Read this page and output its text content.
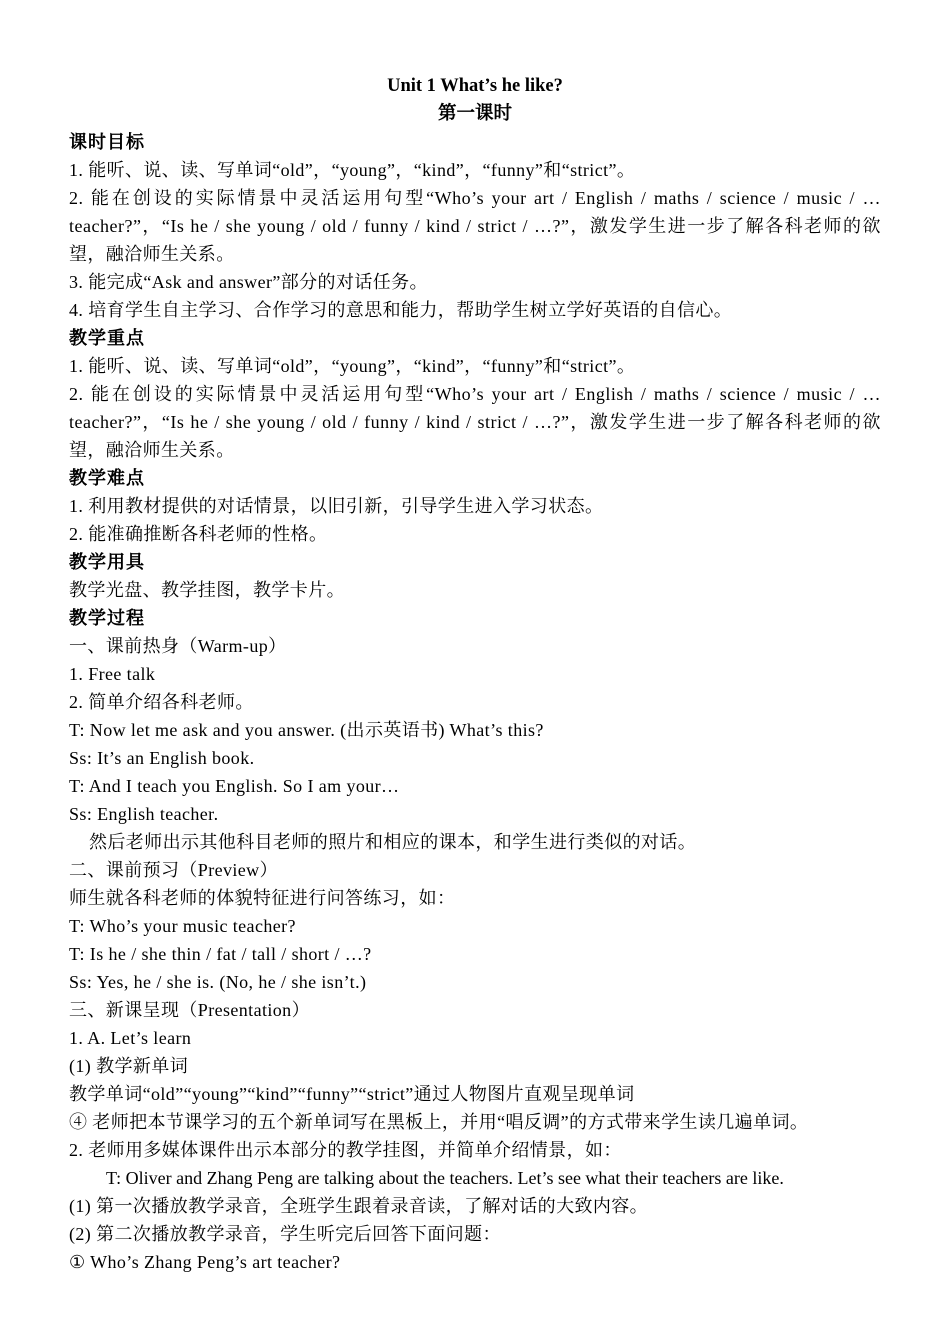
Unit 1 What’s he like?
第一课时
课时目标
1. 能听、说、读、写单词“old”，“young”，“kind”，“funny”和“strict”。
2. 能在创设的实际情景中灵活运用句型“Who’s your art / English / maths / science / music / …
teacher?”，“Is he / she young / old / funny / kind / strict / …?”，激发学生进一步了解各科老师的欲
望，融洽师生关系。
3. 能完成“Ask and answer”部分的对话任务。
4. 培育学生自主学习、合作学习的意思和能力，帮助学生树立学好英语的自信心。
教学重点
1. 能听、说、读、写单词“old”，“young”，“kind”，“funny”和“strict”。
2. 能在创设的实际情景中灵活运用句型“Who’s your art / English / maths / science / music / …
teacher?”，“Is he / she young / old / funny / kind / strict / …?”，激发学生进一步了解各科老师的欲
望，融洽师生关系。
教学难点
1. 利用教材提供的对话情景，以旧引新，引导学生进入学习状态。
2. 能准确推断各科老师的性格。
教学用具
教学光盘、教学挂图，教学卡片。
教学过程
一、课前热身（Warm-up）
1. Free talk
2. 简单介绍各科老师。
T: Now let me ask and you answer. (出示英语书) What’s this?
Ss: It’s an English book.
T: And I teach you English. So I am your…
Ss: English teacher.
然后老师出示其他科目老师的照片和相应的课本，和学生进行类似的对话。
二、课前预习（Preview）
师生就各科老师的体貌特征进行问答练习，如：
T: Who’s your music teacher?
T: Is he / she thin / fat / tall / short / …?
Ss: Yes, he / she is. (No, he / she isn’t.)
三、新课呈现（Presentation）
1. A. Let’s learn
(1) 教学新单词
教学单词“old”“young”“kind”“funny”“strict”通过人物图片直观呈现单词
④ 老师把本节课学习的五个新单词写在黑板上，并用“唱反调”的方式带来学生读几遍单词。
2. 老师用多媒体课件出示本部分的教学挂图，并简单介绍情景，如：
T: Oliver and Zhang Peng are talking about the teachers. Let’s see what their teachers are like.
(1) 第一次播放教学录音，全班学生跟着录音读，了解对话的大致内容。
(2) 第二次播放教学录音，学生听完后回答下面问题：
① Who’s Zhang Peng’s art teacher?
